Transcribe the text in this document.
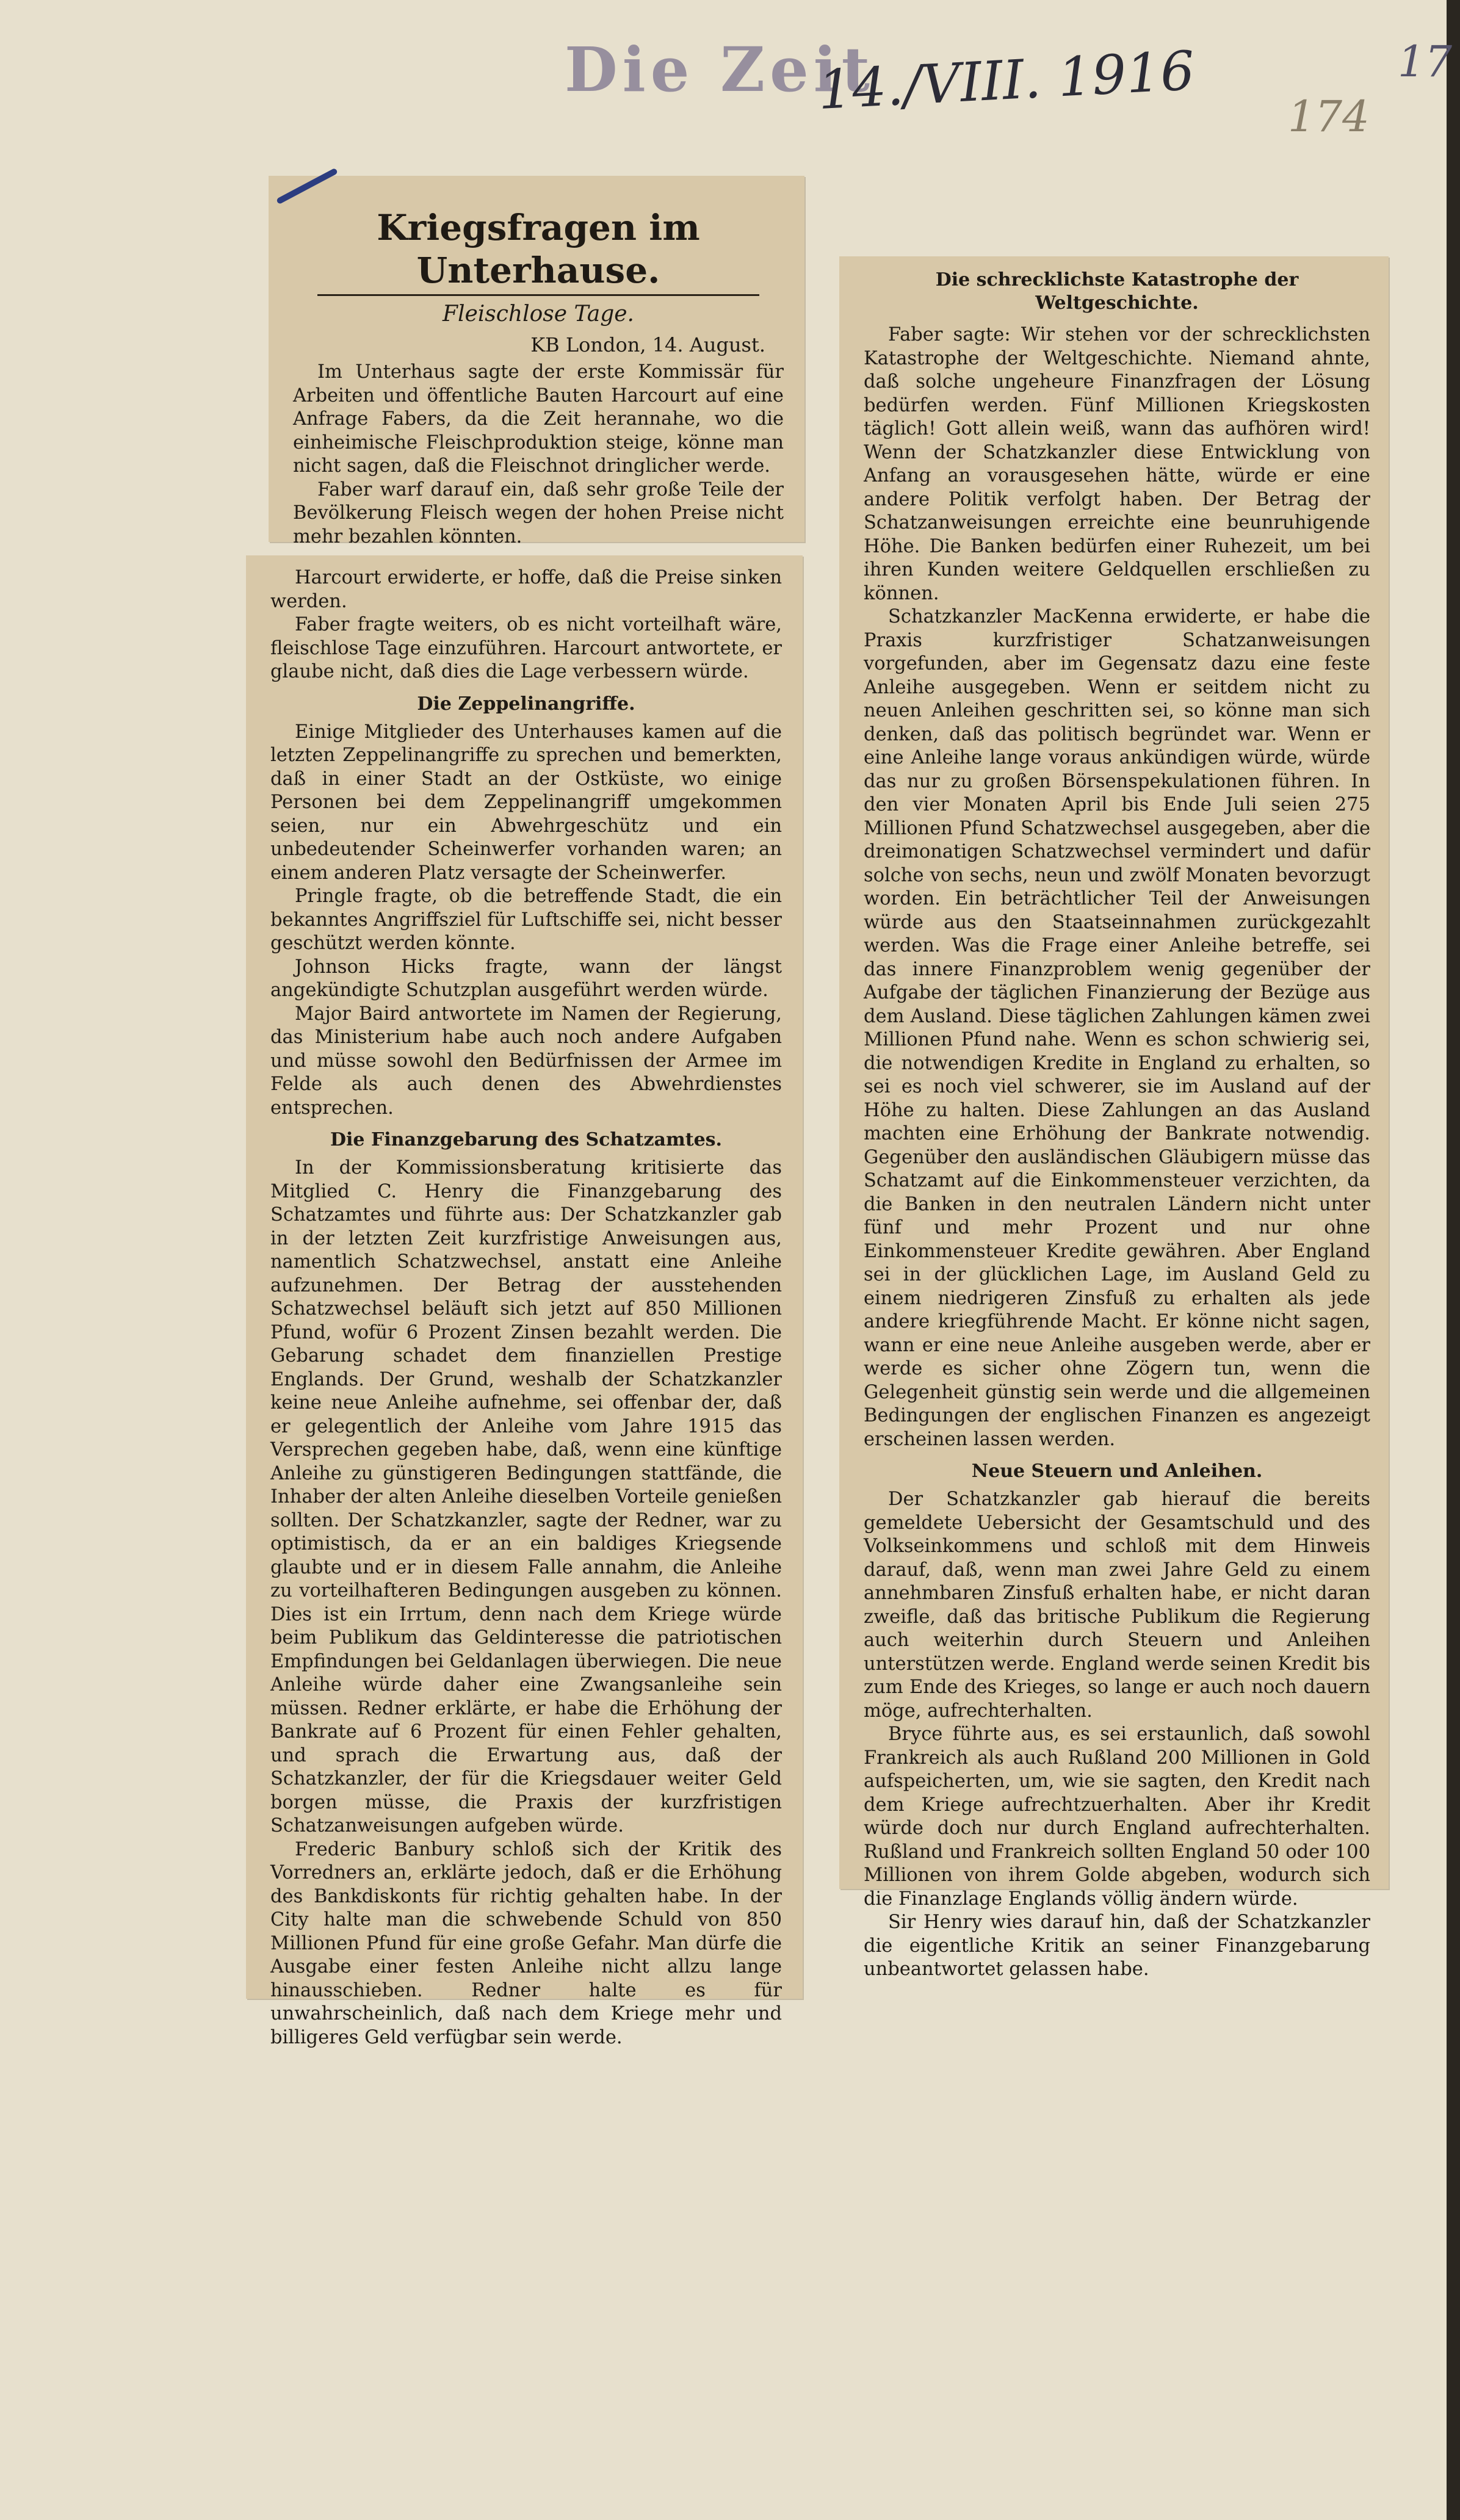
Die Zeit
14./VIII. 1916	17
174
Kriegsfragen im Unterhause.
Fleischlose Tage.
KB London, 14. August.

Im Unterhaus sagte der erste Kommissär für Arbeiten und öffentliche Bauten Harcourt auf eine Anfrage Fabers, da die Zeit herannahe, wo die einheimische Fleischproduktion steige, könne man nicht sagen, daß die Fleischnot dringlicher werde.

Faber warf darauf ein, daß sehr große Teile der Bevölkerung Fleisch wegen der hohen Preise nicht mehr bezahlen könnten.

Harcourt erwiderte, er hoffe, daß die Preise sinken werden.

Faber fragte weiters, ob es nicht vorteilhaft wäre, fleischlose Tage einzuführen. Harcourt antwortete, er glaube nicht, daß dies die Lage verbessern würde.

Die Zeppelinangriffe.

Einige Mitglieder des Unterhauses kamen auf die letzten Zeppelinangriffe zu sprechen und bemerkten, daß in einer Stadt an der Ostküste, wo einige Personen bei dem Zeppelinangriff umgekommen seien, nur ein Abwehrgeschütz und ein unbedeutender Scheinwerfer vorhanden waren; an einem anderen Platz versagte der Scheinwerfer.

Pringle fragte, ob die betreffende Stadt, die ein bekanntes Angriffsziel für Luftschiffe sei, nicht besser geschützt werden könnte.

Johnson Hicks fragte, wann der längst angekündigte Schutzplan ausgeführt werden würde.

Major Baird antwortete im Namen der Regierung, das Ministerium habe auch noch andere Aufgaben und müsse sowohl den Bedürfnissen der Armee im Felde als auch denen des Abwehrdienstes entsprechen.

Die Finanzgebarung des Schatzamtes.

In der Kommissionsberatung kritisierte das Mitglied C. Henry die Finanzgebarung des Schatzamtes und führte aus: Der Schatzkanzler gab in der letzten Zeit kurzfristige Anweisungen aus, namentlich Schatzwechsel, anstatt eine Anleihe aufzunehmen. Der Betrag der ausstehenden Schatzwechsel beläuft sich jetzt auf 850 Millionen Pfund, wofür 6 Prozent Zinsen bezahlt werden. Die Gebarung schadet dem finanziellen Prestige Englands. Der Grund, weshalb der Schatzkanzler keine neue Anleihe aufnehme, sei offenbar der, daß er gelegentlich der Anleihe vom Jahre 1915 das Versprechen gegeben habe, daß, wenn eine künftige Anleihe zu günstigeren Bedingungen stattfände, die Inhaber der alten Anleihe dieselben Vorteile genießen sollten. Der Schatzkanzler, sagte der Redner, war zu optimistisch, da er an ein baldiges Kriegsende glaubte und er in diesem Falle annahm, die Anleihe zu vorteilhafteren Bedingungen ausgeben zu können. Dies ist ein Irrtum, denn nach dem Kriege würde beim Publikum das Geldinteresse die patriotischen Empfindungen bei Geldanlagen überwiegen. Die neue Anleihe würde daher eine Zwangsanleihe sein müssen. Redner erklärte, er habe die Erhöhung der Bankrate auf 6 Prozent für einen Fehler gehalten, und sprach die Erwartung aus, daß der Schatzkanzler, der für die Kriegsdauer weiter Geld borgen müsse, die Praxis der kurzfristigen Schatzanweisungen aufgeben würde.

Frederic Banbury schloß sich der Kritik des Vorredners an, erklärte jedoch, daß er die Erhöhung des Bankdiskonts für richtig gehalten habe. In der City halte man die schwebende Schuld von 850 Millionen Pfund für eine große Gefahr. Man dürfe die Ausgabe einer festen Anleihe nicht allzu lange hinausschieben. Redner halte es für unwahrscheinlich, daß nach dem Kriege mehr und billigeres Geld verfügbar sein werde.

Die schrecklichste Katastrophe der Weltgeschichte.

Faber sagte: Wir stehen vor der schrecklichsten Katastrophe der Weltgeschichte. Niemand ahnte, daß solche ungeheure Finanzfragen der Lösung bedürfen werden. Fünf Millionen Kriegskosten täglich! Gott allein weiß, wann das aufhören wird! Wenn der Schatzkanzler diese Entwicklung von Anfang an vorausgesehen hätte, würde er eine andere Politik verfolgt haben. Der Betrag der Schatzanweisungen erreichte eine beunruhigende Höhe. Die Banken bedürfen einer Ruhezeit, um bei ihren Kunden weitere Geldquellen erschließen zu können.

Schatzkanzler MacKenna erwiderte, er habe die Praxis kurzfristiger Schatzanweisungen vorgefunden, aber im Gegensatz dazu eine feste Anleihe ausgegeben. Wenn er seitdem nicht zu neuen Anleihen geschritten sei, so könne man sich denken, daß das politisch begründet war. Wenn er eine Anleihe lange voraus ankündigen würde, würde das nur zu großen Börsenspekulationen führen. In den vier Monaten April bis Ende Juli seien 275 Millionen Pfund Schatzwechsel ausgegeben, aber die dreimonatigen Schatzwechsel vermindert und dafür solche von sechs, neun und zwölf Monaten bevorzugt worden. Ein beträchtlicher Teil der Anweisungen würde aus den Staatseinnahmen zurückgezahlt werden. Was die Frage einer Anleihe betreffe, sei das innere Finanzproblem wenig gegenüber der Aufgabe der täglichen Finanzierung der Bezüge aus dem Ausland. Diese täglichen Zahlungen kämen zwei Millionen Pfund nahe. Wenn es schon schwierig sei, die notwendigen Kredite in England zu erhalten, so sei es noch viel schwerer, sie im Ausland auf der Höhe zu halten. Diese Zahlungen an das Ausland machten eine Erhöhung der Bankrate notwendig. Gegenüber den ausländischen Gläubigern müsse das Schatzamt auf die Einkommensteuer verzichten, da die Banken in den neutralen Ländern nicht unter fünf und mehr Prozent und nur ohne Einkommensteuer Kredite gewähren. Aber England sei in der glücklichen Lage, im Ausland Geld zu einem niedrigeren Zinsfuß zu erhalten als jede andere kriegführende Macht. Er könne nicht sagen, wann er eine neue Anleihe ausgeben werde, aber er werde es sicher ohne Zögern tun, wenn die Gelegenheit günstig sein werde und die allgemeinen Bedingungen der englischen Finanzen es angezeigt erscheinen lassen werden.

Neue Steuern und Anleihen.

Der Schatzkanzler gab hierauf die bereits gemeldete Uebersicht der Gesamtschuld und des Volkseinkommens und schloß mit dem Hinweis darauf, daß, wenn man zwei Jahre Geld zu einem annehmbaren Zinsfuß erhalten habe, er nicht daran zweifle, daß das britische Publikum die Regierung auch weiterhin durch Steuern und Anleihen unterstützen werde. England werde seinen Kredit bis zum Ende des Krieges, so lange er auch noch dauern möge, aufrechterhalten.

Bryce führte aus, es sei erstaunlich, daß sowohl Frankreich als auch Rußland 200 Millionen in Gold aufspeicherten, um, wie sie sagten, den Kredit nach dem Kriege aufrechtzuerhalten. Aber ihr Kredit würde doch nur durch England aufrechterhalten. Rußland und Frankreich sollten England 50 oder 100 Millionen von ihrem Golde abgeben, wodurch sich die Finanzlage Englands völlig ändern würde.

Sir Henry wies darauf hin, daß der Schatzkanzler die eigentliche Kritik an seiner Finanzgebarung unbeantwortet gelassen habe.
